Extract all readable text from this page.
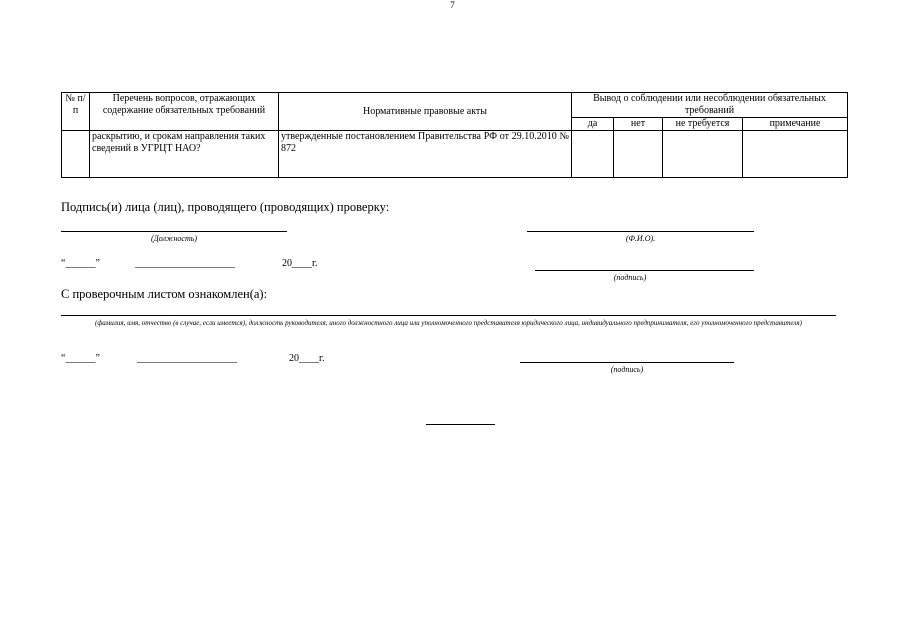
7
№ п/п	Перечень вопросов, отражающих содержание обязательных требований	Нормативные правовые акты	Вывод о соблюдении или несоблюдении обязательных требований			
			да	нет	не требуется	примечание
	раскрытию, и срокам направления таких сведений в УГРЦТ НАО?	утвержденные постановлением Правительства РФ от 29.10.2010 № 872				
Подпись(и) лица (лиц), проводящего (проводящих) проверку:
(Должность)	(Ф.И.О).
“______”	____________________	20____г.
(подпись)
С проверочным листом ознакомлен(а):
(фамилия, имя, отчество (в случае, если имеется), должность руководителя, иного должностного лица или уполномоченного представителя юридического лица, индивидуального предпринимателя, его уполномоченного представителя)
“______”	____________________	20____г.
(подпись)
